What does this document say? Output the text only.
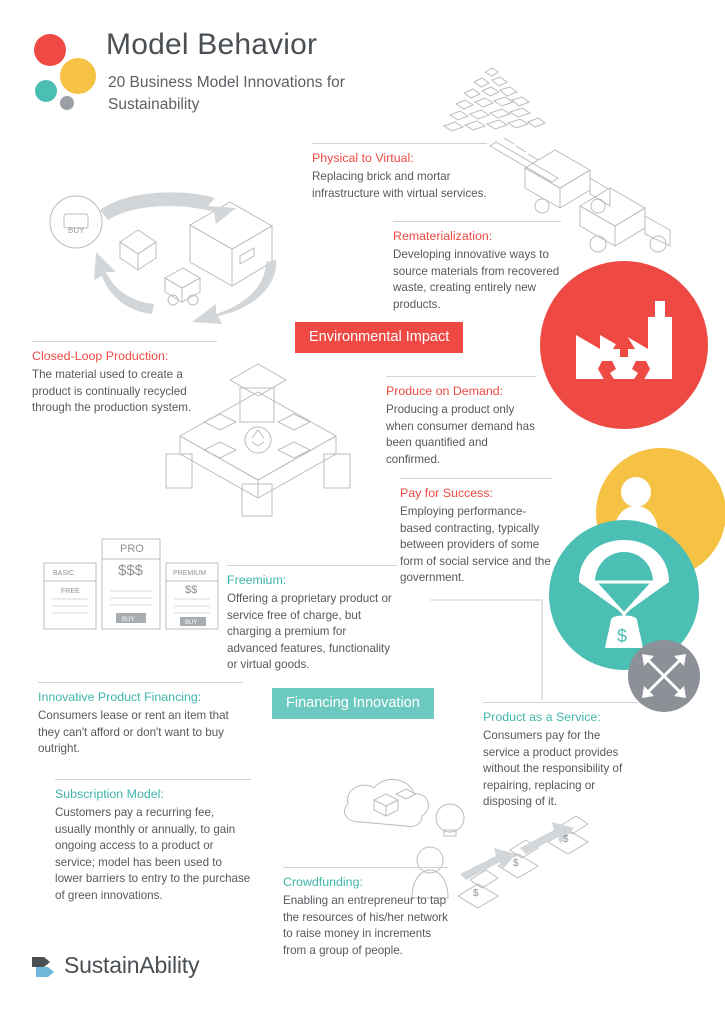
Model Behavior
20 Business Model Innovations for Sustainability
BASIC
FREE
PRO
$$$	PREMIUM
$$
BUY	BUY
$
$
$
$
Environmental Impact
Financing Innovation
Physical to Virtual:
Replacing brick and mortar infrastructure with virtual services.
Rematerialization:
Developing innovative ways to source materials from recovered waste, creating entirely new products.
Closed-Loop Production:
The material used to create a product is continually recycled through the production system.
Produce on Demand:
Producing a product only when consumer demand has been quantified and confirmed.
Pay for Success:
Employing performance-based contracting, typically between providers of some form of social service and the government.
Freemium:
Offering a proprietary product or service free of charge, but charging a premium for advanced features, functionality or virtual goods.
Innovative Product Financing:
Consumers lease or rent an item that they can't afford or don't want to buy outright.
Product as a Service:
Consumers pay for the service a product provides without the responsibility of repairing, replacing or disposing of it.
Subscription Model:
Customers pay a recurring fee, usually monthly or annually, to gain ongoing access to a product or service; model has been used to lower barriers to entry to the purchase of green innovations.
Crowdfunding:
Enabling an entrepreneur to tap the resources of his/her network to raise money in increments from a group of people.
BUY
SustainAbility
